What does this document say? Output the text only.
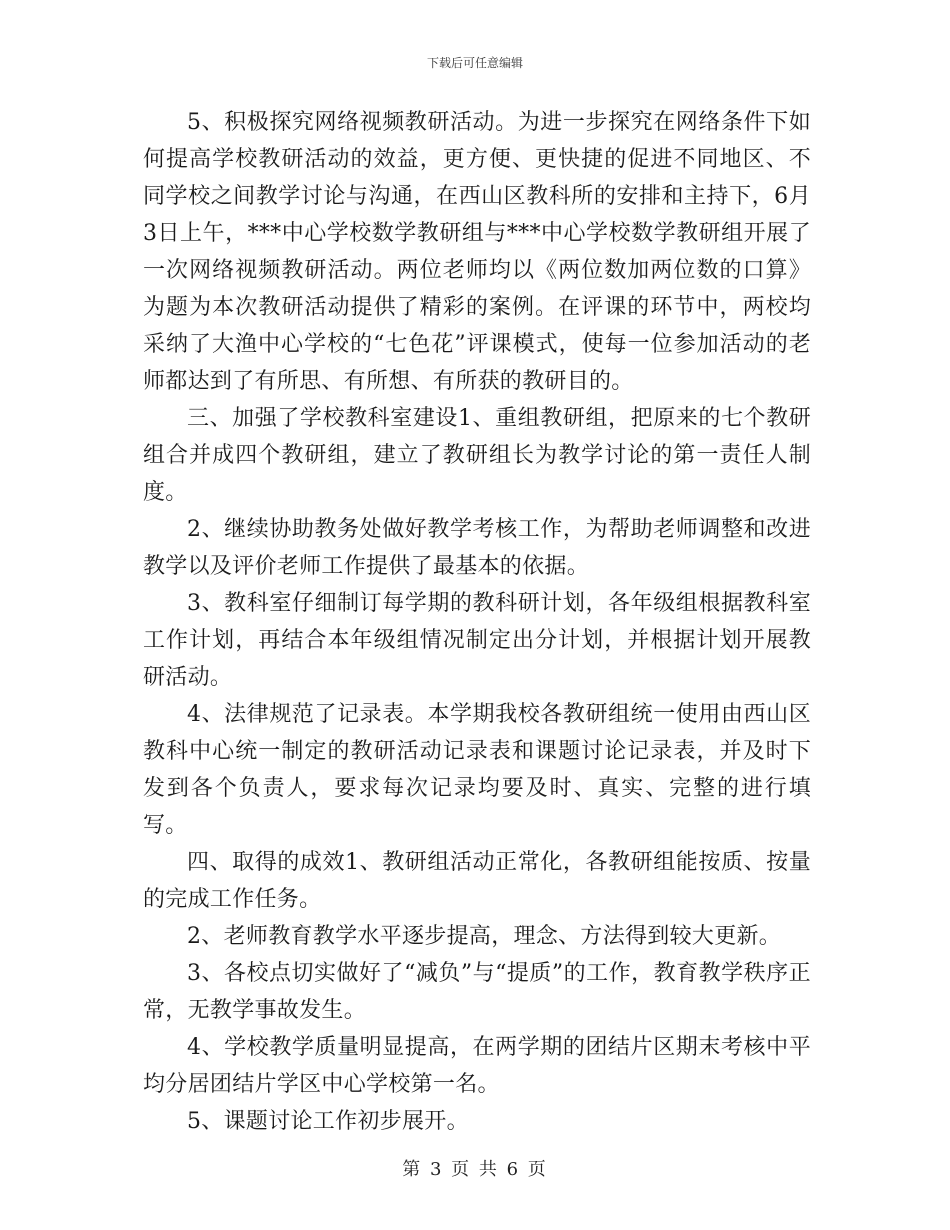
下载后可任意编辑

5、积极探究网络视频教研活动。为进一步探究在网络条件下如何提高学校教研活动的效益，更方便、更快捷的促进不同地区、不同学校之间教学讨论与沟通，在西山区教科所的安排和主持下，6月3日上午，***中心学校数学教研组与***中心学校数学教研组开展了一次网络视频教研活动。两位老师均以《两位数加两位数的口算》为题为本次教研活动提供了精彩的案例。在评课的环节中，两校均采纳了大渔中心学校的“七色花”评课模式，使每一位参加活动的老师都达到了有所思、有所想、有所获的教研目的。

三、加强了学校教科室建设1、重组教研组，把原来的七个教研组合并成四个教研组，建立了教研组长为教学讨论的第一责任人制度。

2、继续协助教务处做好教学考核工作，为帮助老师调整和改进教学以及评价老师工作提供了最基本的依据。

3、教科室仔细制订每学期的教科研计划，各年级组根据教科室工作计划，再结合本年级组情况制定出分计划，并根据计划开展教研活动。

4、法律规范了记录表。本学期我校各教研组统一使用由西山区教科中心统一制定的教研活动记录表和课题讨论记录表，并及时下发到各个负责人，要求每次记录均要及时、真实、完整的进行填写。

四、取得的成效1、教研组活动正常化，各教研组能按质、按量的完成工作任务。

2、老师教育教学水平逐步提高，理念、方法得到较大更新。

3、各校点切实做好了“减负”与“提质”的工作，教育教学秩序正常，无教学事故发生。

4、学校教学质量明显提高，在两学期的团结片区期末考核中平均分居团结片学区中心学校第一名。

5、课题讨论工作初步展开。

第 3 页 共 6 页
